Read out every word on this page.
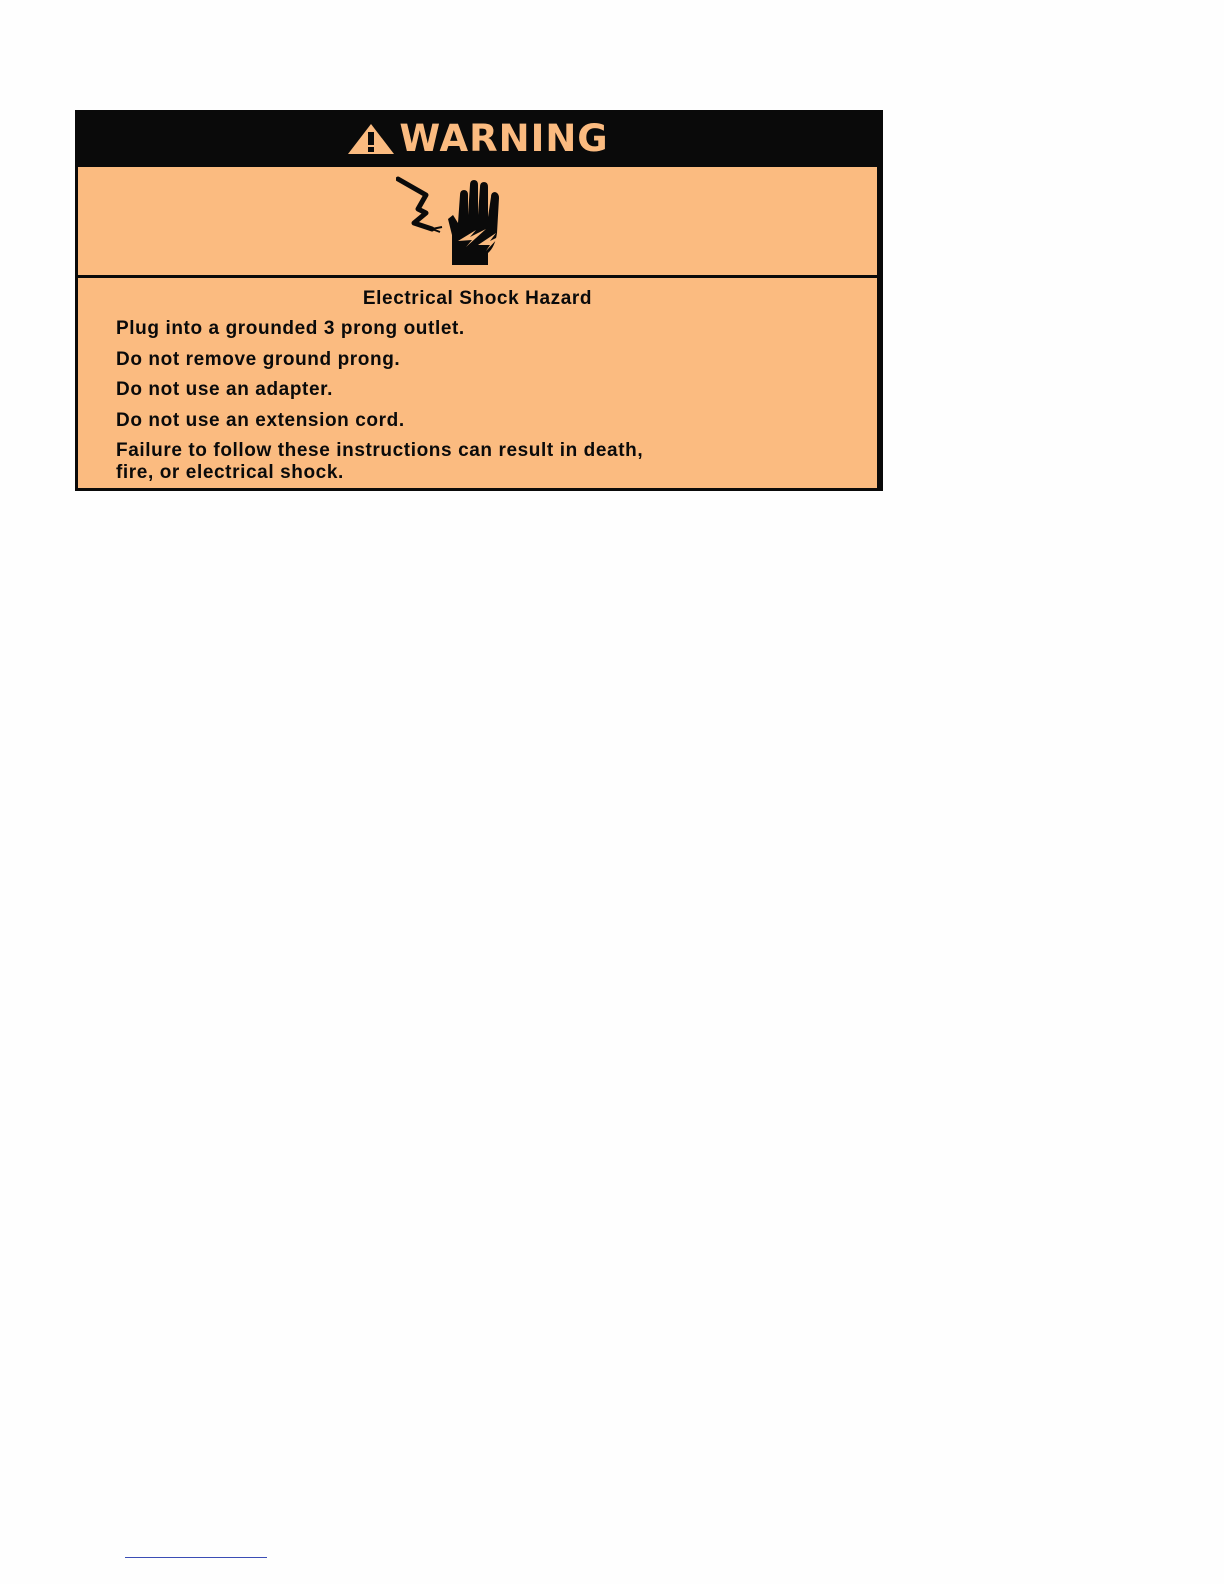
WARNING
Electrical Shock Hazard
Plug into a grounded 3 prong outlet.
Do not remove ground prong.
Do not use an adapter.
Do not use an extension cord.
Failure to follow these instructions can result in death,
fire, or electrical shock.
